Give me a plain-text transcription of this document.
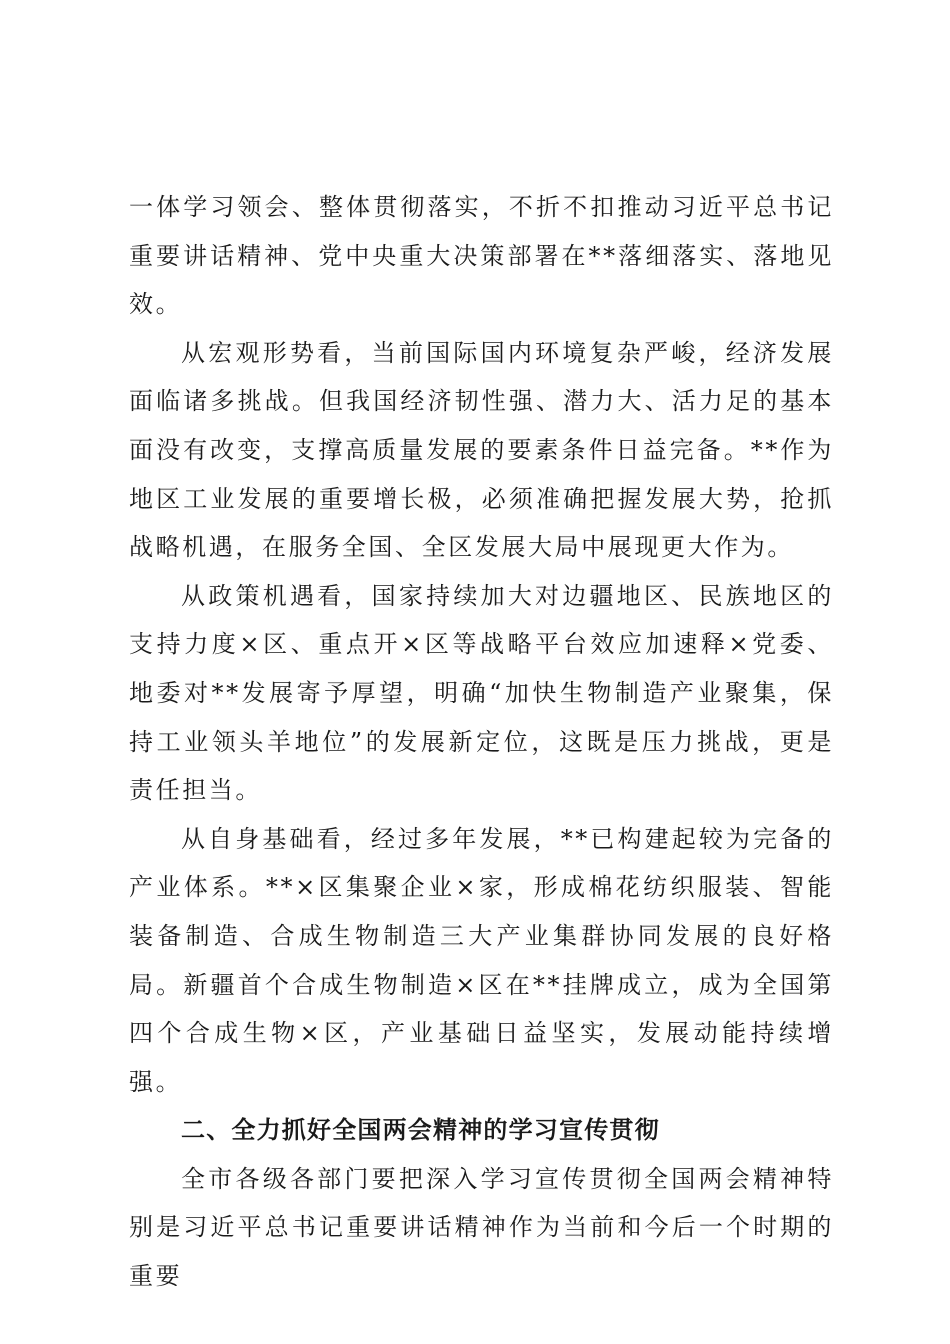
一体学习领会、整体贯彻落实，不折不扣推动习近平总书记重要讲话精神、党中央重大决策部署在**落细落实、落地见效。

从宏观形势看，当前国际国内环境复杂严峻，经济发展面临诸多挑战。但我国经济韧性强、潜力大、活力足的基本面没有改变，支撑高质量发展的要素条件日益完备。**作为地区工业发展的重要增长极，必须准确把握发展大势，抢抓战略机遇，在服务全国、全区发展大局中展现更大作为。

从政策机遇看，国家持续加大对边疆地区、民族地区的支持力度×区、重点开×区等战略平台效应加速释×党委、地委对**发展寄予厚望，明确“加快生物制造产业聚集，保持工业领头羊地位”的发展新定位，这既是压力挑战，更是责任担当。

从自身基础看，经过多年发展，**已构建起较为完备的产业体系。**×区集聚企业×家，形成棉花纺织服装、智能装备制造、合成生物制造三大产业集群协同发展的良好格局。新疆首个合成生物制造×区在**挂牌成立，成为全国第四个合成生物×区，产业基础日益坚实，发展动能持续增强。

二、全力抓好全国两会精神的学习宣传贯彻

全市各级各部门要把深入学习宣传贯彻全国两会精神特别是习近平总书记重要讲话精神作为当前和今后一个时期的重要
